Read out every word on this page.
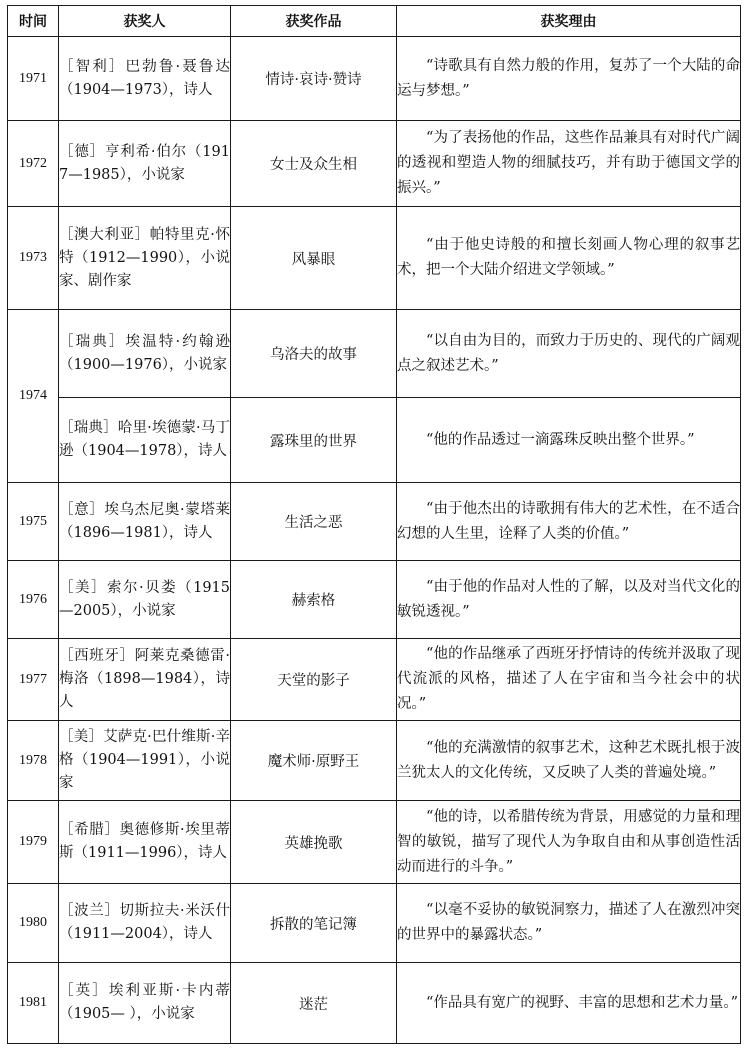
时间	获奖人	获奖作品	获奖理由
1971	［智利］巴勃鲁·聂鲁达（1904—1973），诗人	情诗·哀诗·赞诗	“诗歌具有自然力般的作用，复苏了一个大陆的命运与梦想。”
1972	［德］亨利希·伯尔（1917—1985），小说家	女士及众生相	“为了表扬他的作品，这些作品兼具有对时代广阔的透视和塑造人物的细腻技巧，并有助于德国文学的振兴。”
1973	［澳大利亚］帕特里克·怀特（1912—1990），小说家、剧作家	风暴眼	“由于他史诗般的和擅长刻画人物心理的叙事艺术，把一个大陆介绍进文学领域。”
1974	［瑞典］埃温特·约翰逊（1900—1976），小说家	乌洛夫的故事	“以自由为目的，而致力于历史的、现代的广阔观点之叙述艺术。”
	［瑞典］哈里·埃德蒙·马丁逊（1904—1978），诗人	露珠里的世界	“他的作品透过一滴露珠反映出整个世界。”
1975	［意］埃乌杰尼奥·蒙塔莱（1896—1981），诗人	生活之恶	“由于他杰出的诗歌拥有伟大的艺术性，在不适合幻想的人生里，诠释了人类的价值。”
1976	［美］索尔·贝娄（1915—2005），小说家	赫索格	“由于他的作品对人性的了解，以及对当代文化的敏锐透视。”
1977	［西班牙］阿莱克桑德雷·梅洛（1898—1984），诗人	天堂的影子	“他的作品继承了西班牙抒情诗的传统并汲取了现代流派的风格，描述了人在宇宙和当今社会中的状况。”
1978	［美］艾萨克·巴什维斯·辛格（1904—1991），小说家	魔术师·原野王	“他的充满激情的叙事艺术，这种艺术既扎根于波兰犹太人的文化传统，又反映了人类的普遍处境。”
1979	［希腊］奥德修斯·埃里蒂斯（1911—1996），诗人	英雄挽歌	“他的诗，以希腊传统为背景，用感觉的力量和理智的敏锐，描写了现代人为争取自由和从事创造性活动而进行的斗争。”
1980	［波兰］切斯拉夫·米沃什（1911—2004），诗人	拆散的笔记簿	“以毫不妥协的敏锐洞察力，描述了人在激烈冲突的世界中的暴露状态。”
1981	［英］埃利亚斯·卡内蒂（1905— ），小说家	迷茫	“作品具有宽广的视野、丰富的思想和艺术力量。”
